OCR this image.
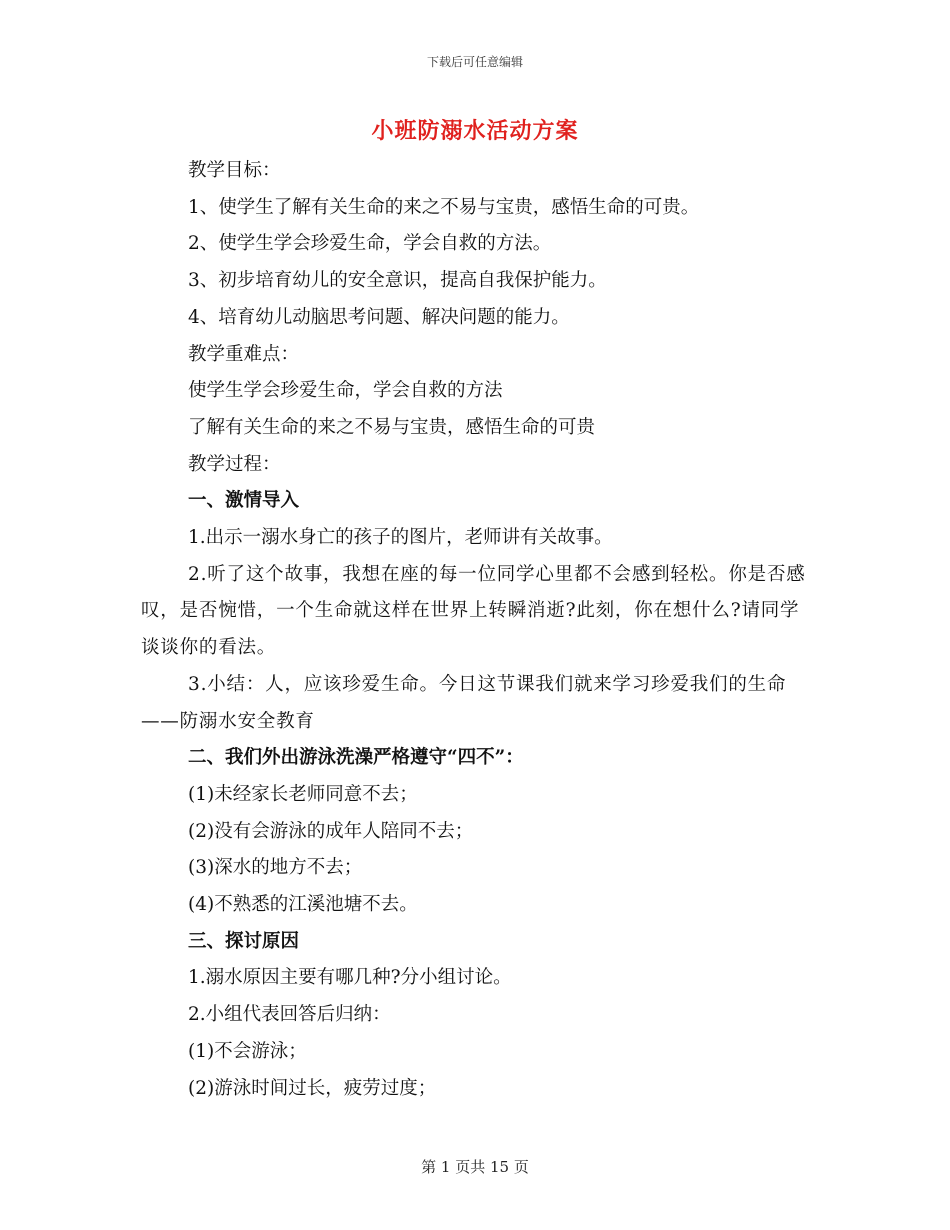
下载后可任意编辑
小班防溺水活动方案

教学目标：

1、使学生了解有关生命的来之不易与宝贵，感悟生命的可贵。

2、使学生学会珍爱生命，学会自救的方法。

3、初步培育幼儿的安全意识，提高自我保护能力。

4、培育幼儿动脑思考问题、解决问题的能力。

教学重难点：

使学生学会珍爱生命，学会自救的方法

了解有关生命的来之不易与宝贵，感悟生命的可贵

教学过程：

一、激情导入

1.出示一溺水身亡的孩子的图片，老师讲有关故事。

2.听了这个故事，我想在座的每一位同学心里都不会感到轻松。你是否感叹，是否惋惜，一个生命就这样在世界上转瞬消逝?此刻，你在想什么?请同学谈谈你的看法。

3.小结：人，应该珍爱生命。今日这节课我们就来学习珍爱我们的生命——防溺水安全教育

二、我们外出游泳洗澡严格遵守“四不”：

(1)未经家长老师同意不去；

(2)没有会游泳的成年人陪同不去；

(3)深水的地方不去；

(4)不熟悉的江溪池塘不去。

三、探讨原因

1.溺水原因主要有哪几种?分小组讨论。

2.小组代表回答后归纳：

(1)不会游泳；

(2)游泳时间过长，疲劳过度；

第 1 页共 15 页
